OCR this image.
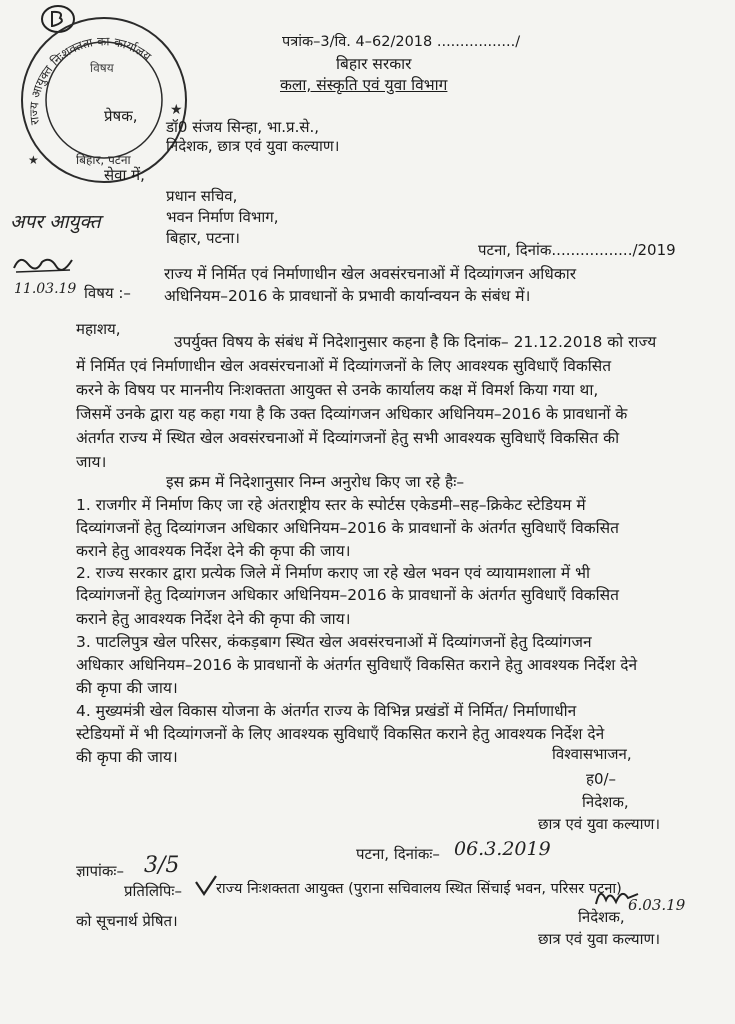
पत्रांक–3/वि. 4–62/2018 ................./
बिहार सरकार
कला, संस्कृति एवं युवा विभाग
राज्य आयुक्त निःशक्तता का कार्यालय
विषय
बिहार, पटना
★
★
प्रेषक,
डॉ0 संजय सिन्हा, भा.प्र.से.,
निदेशक, छात्र एवं युवा कल्याण।
सेवा में,
प्रधान सचिव,
भवन निर्माण विभाग,
बिहार, पटना।
अपर आयुक्त
11.03.19
पटना, दिनांक................./2019
विषय :–
राज्य में निर्मित एवं निर्माणाधीन खेल अवसंरचनाओं में दिव्यांगजन अधिकार
अधिनियम–2016 के प्रावधानों के प्रभावी कार्यान्वयन के संबंध में।
महाशय,
उपर्युक्त विषय के संबंध में निदेशानुसार कहना है कि दिनांक– 21.12.2018 को राज्य
में निर्मित एवं निर्माणाधीन खेल अवसंरचनाओं में दिव्यांगजनों के लिए आवश्यक सुविधाएँ विकसित
करने के विषय पर माननीय निःशक्तता आयुक्त से उनके कार्यालय कक्ष में विमर्श किया गया था,
जिसमें उनके द्वारा यह कहा गया है कि उक्त दिव्यांगजन अधिकार अधिनियम–2016 के प्रावधानों के
अंतर्गत राज्य में स्थित खेल अवसंरचनाओं में दिव्यांगजनों हेतु सभी आवश्यक सुविधाएँ विकसित की
जाय।
इस क्रम में निदेशानुसार निम्न अनुरोध किए जा रहे हैः–
1. राजगीर में निर्माण किए जा रहे अंतराष्ट्रीय स्तर के स्पोर्टस एकेडमी–सह–क्रिकेट स्टेडियम में
दिव्यांगजनों हेतु दिव्यांगजन अधिकार अधिनियम–2016 के प्रावधानों के अंतर्गत सुविधाएँ विकसित
कराने हेतु आवश्यक निर्देश देने की कृपा की जाय।
2. राज्य सरकार द्वारा प्रत्येक जिले में निर्माण कराए जा रहे खेल भवन एवं व्यायामशाला में भी
दिव्यांगजनों हेतु दिव्यांगजन अधिकार अधिनियम–2016 के प्रावधानों के अंतर्गत सुविधाएँ विकसित
कराने हेतु आवश्यक निर्देश देने की कृपा की जाय।
3. पाटलिपुत्र खेल परिसर, कंकड़बाग स्थित खेल अवसंरचनाओं में दिव्यांगजनों हेतु दिव्यांगजन
अधिकार अधिनियम–2016 के प्रावधानों के अंतर्गत सुविधाएँ विकसित कराने हेतु आवश्यक निर्देश देने
की कृपा की जाय।
4. मुख्यमंत्री खेल विकास योजना के अंतर्गत राज्य के विभिन्न प्रखंडों में निर्मित/ निर्माणाधीन
स्टेडियमों में भी दिव्यांगजनों के लिए आवश्यक सुविधाएँ विकसित कराने हेतु आवश्यक निर्देश देने
की कृपा की जाय।	विश्वासभाजन,
ह0/–
निदेशक,
छात्र एवं युवा कल्याण।
पटना, दिनांकः– 06.3.2019
ज्ञापांकः– 3/5
प्रतिलिपिः– राज्य निःशक्तता आयुक्त (पुराना सचिवालय स्थित सिंचाई भवन, परिसर पटना)
को सूचनार्थ प्रेषित।	निदेशक,
6.03.19
छात्र एवं युवा कल्याण।
